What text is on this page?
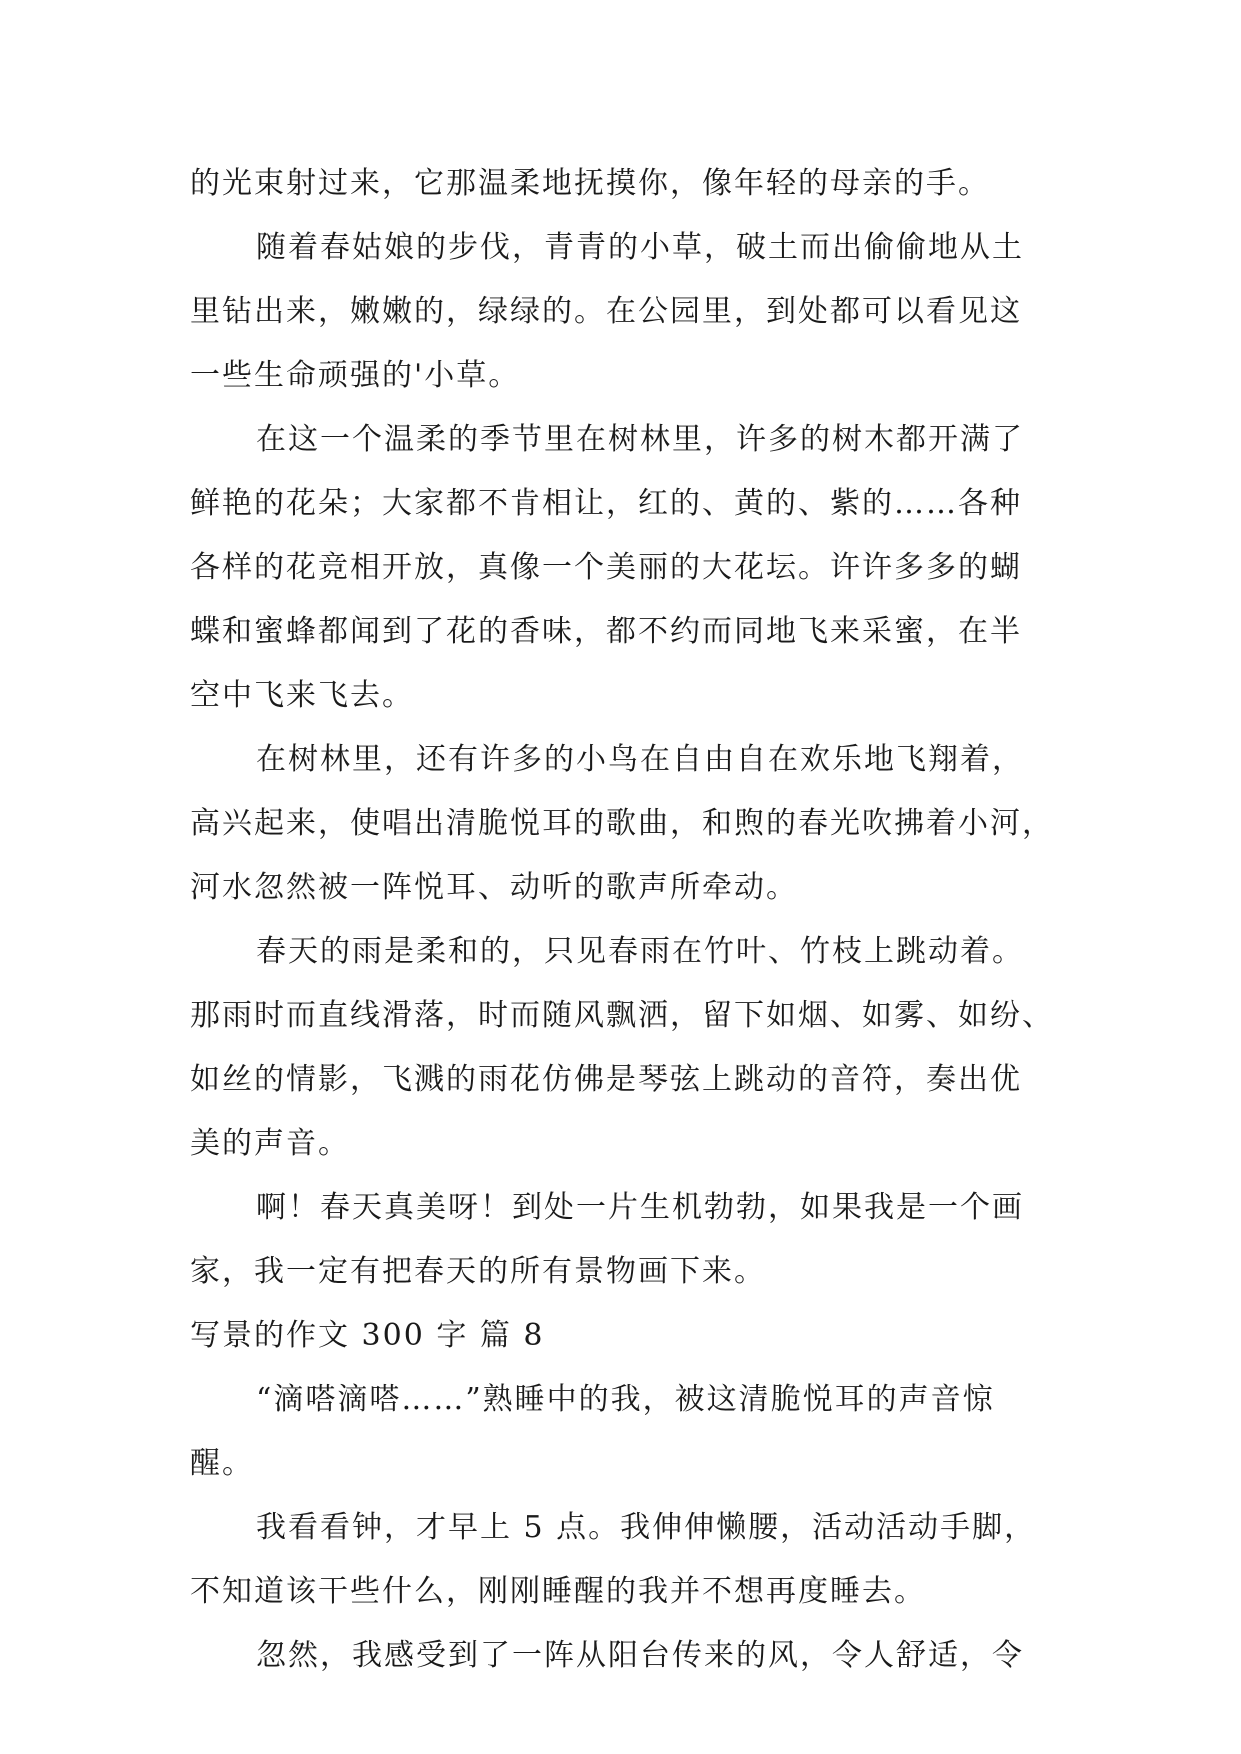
的光束射过来，它那温柔地抚摸你，像年轻的母亲的手。
随着春姑娘的步伐，青青的小草，破土而出偷偷地从土
里钻出来，嫩嫩的，绿绿的。在公园里，到处都可以看见这
一些生命顽强的'小草。
在这一个温柔的季节里在树林里，许多的树木都开满了
鲜艳的花朵；大家都不肯相让，红的、黄的、紫的……各种
各样的花竞相开放，真像一个美丽的大花坛。许许多多的蝴
蝶和蜜蜂都闻到了花的香味，都不约而同地飞来采蜜，在半
空中飞来飞去。
在树林里，还有许多的小鸟在自由自在欢乐地飞翔着，
高兴起来，使唱出清脆悦耳的歌曲，和煦的春光吹拂着小河，
河水忽然被一阵悦耳、动听的歌声所牵动。
春天的雨是柔和的，只见春雨在竹叶、竹枝上跳动着。
那雨时而直线滑落，时而随风飘洒，留下如烟、如雾、如纷、
如丝的情影，飞溅的雨花仿佛是琴弦上跳动的音符，奏出优
美的声音。
啊！春天真美呀！到处一片生机勃勃，如果我是一个画
家，我一定有把春天的所有景物画下来。
写景的作文 300 字 篇 8
“滴嗒滴嗒……”熟睡中的我，被这清脆悦耳的声音惊
醒。
我看看钟，才早上 5 点。我伸伸懒腰，活动活动手脚，
不知道该干些什么，刚刚睡醒的我并不想再度睡去。
忽然，我感受到了一阵从阳台传来的风，令人舒适，令
